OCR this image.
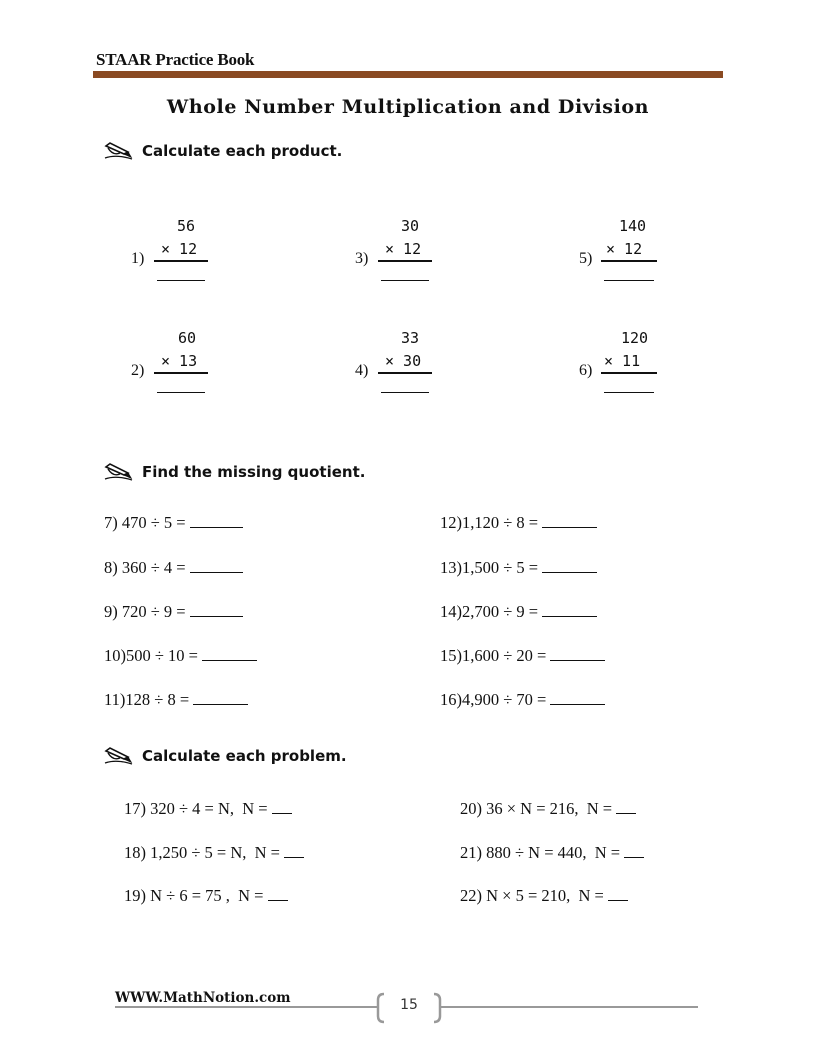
STAAR Practice Book
Whole Number Multiplication and Division
Calculate each product.
1)
56
× 12
2)
60
× 13
3)
30
× 12
4)
33
× 30
5)
140
× 12
6)
120
× 11
Find the missing quotient.
7) 470 ÷ 5 =
8) 360 ÷ 4 =
9) 720 ÷ 9 =
10)500 ÷ 10 =
11)128 ÷ 8 =
12)1,120 ÷ 8 =
13)1,500 ÷ 5 =
14)2,700 ÷ 9 =
15)1,600 ÷ 20 =
16)4,900 ÷ 70 =
Calculate each problem.
17) 320 ÷ 4 = N,  N =
18) 1,250 ÷ 5 = N,  N =
19) N ÷ 6 = 75 ,  N =
20) 36 × N = 216,  N =
21) 880 ÷ N = 440,  N =
22) N × 5 = 210,  N =
WWW.MathNotion.com	15
